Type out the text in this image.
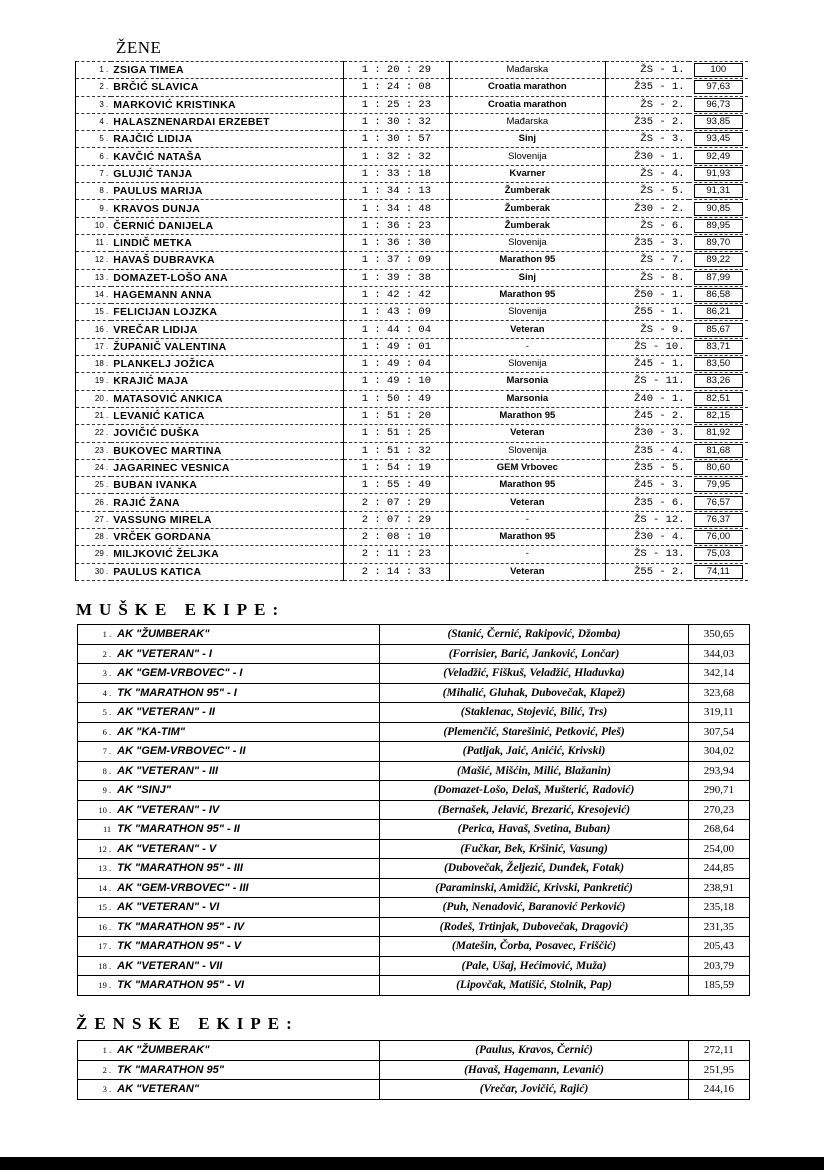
ŽENE
1 .	ZSIGA TIMEA	1 : 20 : 29	Mađarska	ŽS - 1.	100
2 .	BRČIĆ SLAVICA	1 : 24 : 08	Croatia marathon	Ž35 - 1.	97,63
3 .	MARKOVIĆ KRISTINKA	1 : 25 : 23	Croatia marathon	ŽS - 2.	96,73
4 .	HALASZNENARDAI ERZEBET	1 : 30 : 32	Mađarska	Ž35 - 2.	93,85
5 .	RAJČIĆ LIDIJA	1 : 30 : 57	Sinj	ŽS - 3.	93,45
6 .	KAVČIĆ NATAŠA	1 : 32 : 32	Slovenija	Ž30 - 1.	92,49
7 .	GLUJIĆ TANJA	1 : 33 : 18	Kvarner	ŽS - 4.	91,93
8 .	PAULUS MARIJA	1 : 34 : 13	Žumberak	ŽS - 5.	91,31
9 .	KRAVOS DUNJA	1 : 34 : 48	Žumberak	Ž30 - 2.	90,85
10 .	ČERNIĆ DANIJELA	1 : 36 : 23	Žumberak	ŽS - 6.	89,95
11 .	LINDIČ METKA	1 : 36 : 30	Slovenija	Ž35 - 3.	89,70
12 .	HAVAŠ DUBRAVKA	1 : 37 : 09	Marathon 95	ŽS - 7.	89,22
13 .	DOMAZET-LOŠO ANA	1 : 39 : 38	Sinj	ŽS - 8.	87,99
14 .	HAGEMANN ANNA	1 : 42 : 42	Marathon 95	Ž50 - 1.	86,58
15 .	FELICIJAN LOJZKA	1 : 43 : 09	Slovenija	Ž55 - 1.	86,21
16 .	VREČAR LIDIJA	1 : 44 : 04	Veteran	ŽS - 9.	85,67
17 .	ŽUPANIČ VALENTINA	1 : 49 : 01	-	ŽS - 10.	83,71
18 .	PLANKELJ JOŽICA	1 : 49 : 04	Slovenija	Ž45 - 1.	83,50
19 .	KRAJIĆ MAJA	1 : 49 : 10	Marsonia	ŽS - 11.	83,26
20 .	MATASOVIĆ ANKICA	1 : 50 : 49	Marsonia	Ž40 - 1.	82,51
21 .	LEVANIĆ KATICA	1 : 51 : 20	Marathon 95	Ž45 - 2.	82,15
22 .	JOVIČIĆ DUŠKA	1 : 51 : 25	Veteran	Ž30 - 3.	81,92
23 .	BUKOVEC MARTINA	1 : 51 : 32	Slovenija	Ž35 - 4.	81,68
24 .	JAGARINEC VESNICA	1 : 54 : 19	GEM Vrbovec	Ž35 - 5.	80,60
25 .	BUBAN IVANKA	1 : 55 : 49	Marathon 95	Ž45 - 3.	79,95
26 .	RAJIĆ ŽANA	2 : 07 : 29	Veteran	Ž35 - 6.	76,57
27 .	VASSUNG MIRELA	2 : 07 : 29	-	ŽS - 12.	76,37
28 .	VRČEK GORDANA	2 : 08 : 10	Marathon 95	Ž30 - 4.	76,00
29 .	MILJKOVIĆ ŽELJKA	2 : 11 : 23	-	ŽS - 13.	75,03
30 .	PAULUS KATICA	2 : 14 : 33	Veteran	Ž55 - 2.	74,11
MUŠKE EKIPE:
1 .	AK "ŽUMBERAK"	(Stanić, Černić, Rakipović, Džomba)	350,65
2 .	AK "VETERAN" - I	(Forrisier, Barić, Janković, Lončar)	344,03
3 .	AK "GEM-VRBOVEC" - I	(Veladžić, Fiškuš, Veladžić, Hladuvka)	342,14
4 .	TK "MARATHON 95" - I	(Mihalić, Gluhak, Dubovečak, Klapež)	323,68
5 .	AK "VETERAN" - II	(Staklenac, Stojević, Bilić, Trs)	319,11
6 .	AK "KA-TIM"	(Plemenčić, Starešinić, Petković, Pleš)	307,54
7 .	AK "GEM-VRBOVEC" - II	(Patljak, Jaić, Anićić, Krivski)	304,02
8 .	AK "VETERAN" - III	(Mašić, Mišćin, Milić, Blažanin)	293,94
9 .	AK "SINJ"	(Domazet-Lošo, Delaš, Mušterić, Radović)	290,71
10 .	AK "VETERAN" - IV	(Bernašek, Jelavić, Brezarić, Kresojević)	270,23
11	TK "MARATHON 95" - II	(Perica, Havaš, Svetina, Buban)	268,64
12 .	AK "VETERAN" - V	(Fučkar, Bek, Kršinić, Vasung)	254,00
13 .	TK "MARATHON 95" - III	(Dubovečak, Željezić, Dunđek, Fotak)	244,85
14 .	AK "GEM-VRBOVEC" - III	(Paraminski, Amidžić, Krivski, Pankretić)	238,91
15 .	AK "VETERAN" - VI	(Puh, Nenadović, Baranović Perković)	235,18
16 .	TK "MARATHON 95" - IV	(Rodeš, Trtinjak, Dubovečak, Dragović)	231,35
17 .	TK "MARATHON 95" - V	(Matešin, Čorba, Posavec, Friščić)	205,43
18 .	AK "VETERAN" - VII	(Pale, Ušaj, Hećimović, Muža)	203,79
19 .	TK "MARATHON 95" - VI	(Lipovčak, Matišić, Stolnik, Pap)	185,59
ŽENSKE EKIPE:
1 .	AK "ŽUMBERAK"	(Paulus, Kravos, Černić)	272,11
2 .	TK "MARATHON 95"	(Havaš, Hagemann, Levanić)	251,95
3 .	AK "VETERAN"	(Vrečar, Jovičić, Rajić)	244,16
